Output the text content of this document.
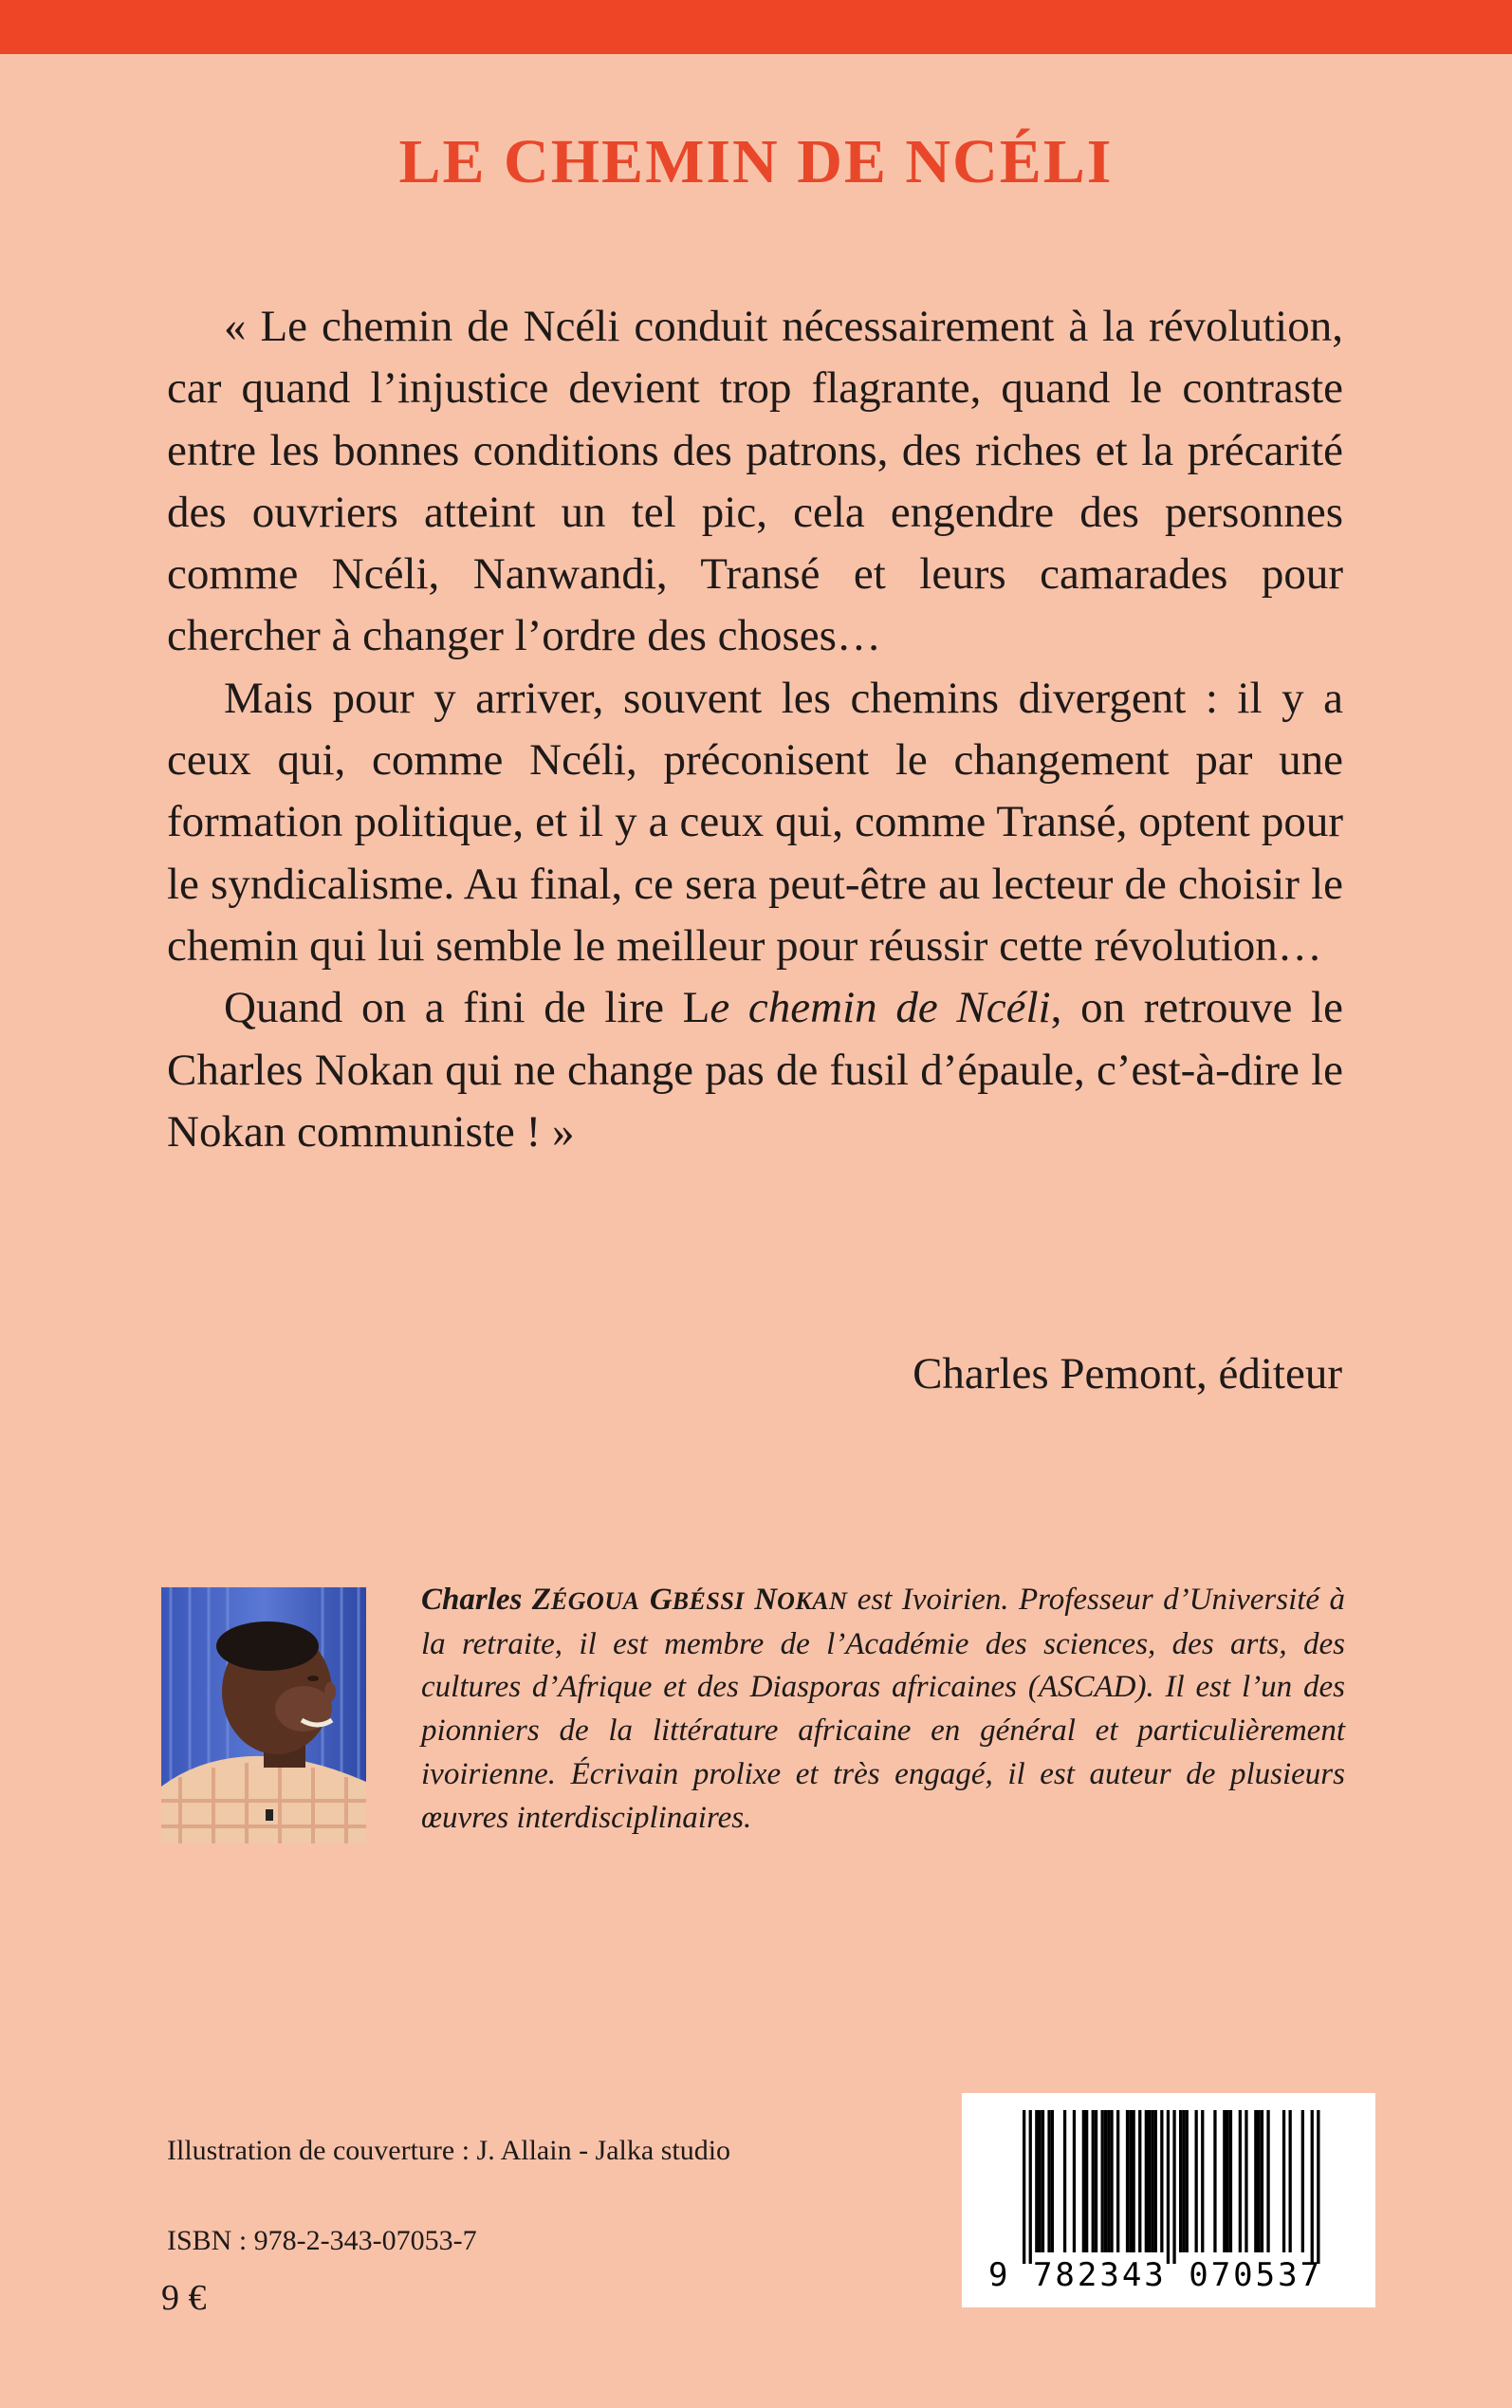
LE CHEMIN DE NCÉLI

« Le chemin de Ncéli conduit nécessairement à la révolution, car quand l’injustice devient trop flagrante, quand le contraste entre les bonnes conditions des patrons, des riches et la précarité des ouvriers atteint un tel pic, cela engendre des personnes comme Ncéli, Nanwandi, Transé et leurs camarades pour chercher à changer l’ordre des choses…

Mais pour y arriver, souvent les chemins divergent : il y a ceux qui, comme Ncéli, préconisent le changement par une formation politique, et il y a ceux qui, comme Transé, optent pour le syndicalisme. Au final, ce sera peut-être au lecteur de choisir le chemin qui lui semble le meilleur pour réussir cette révolution…

Quand on a fini de lire Le chemin de Ncéli, on retrouve le Charles Nokan qui ne change pas de fusil d’épaule, c’est-à-dire le Nokan communiste ! »

Charles Pemont, éditeur
Charles ZÉGOUA GBÉSSI NOKAN est Ivoirien. Professeur d’Université à la retraite, il est membre de l’Académie des sciences, des arts, des cultures d’Afrique et des Diasporas africaines (ASCAD). Il est l’un des pionniers de la littérature africaine en général et particulièrement ivoirienne. Écrivain prolixe et très engagé, il est auteur de plusieurs œuvres interdisciplinaires.
Illustration de couverture : J. Allain - Jalka studio
ISBN : 978-2-343-07053-7
9 €
9 782343 070537
